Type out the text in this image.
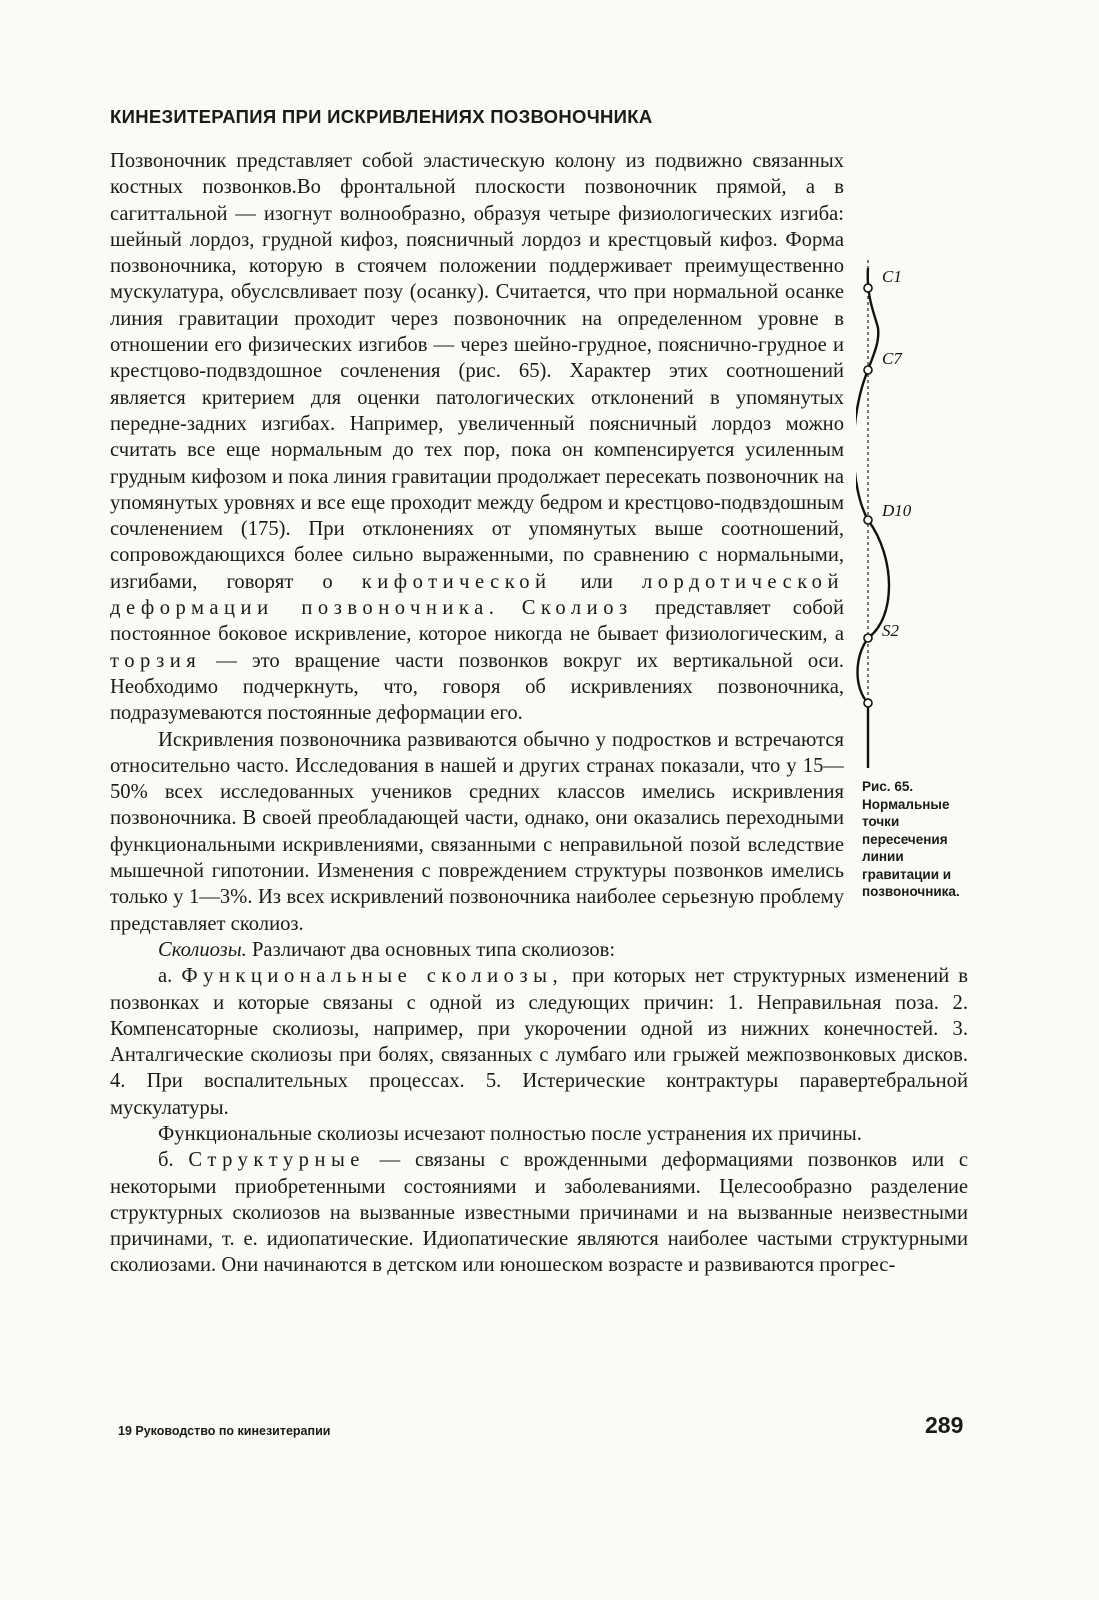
КИНЕЗИТЕРАПИЯ ПРИ ИСКРИВЛЕНИЯХ ПОЗВОНОЧНИКА
C1
C7
D10
S2
Рис. 65. Нормальные точки пересечения линии гравитации и позвоночника.

Позвоночник представляет собой эластическую колону из подвижно связанных костных позвонков.Во фронтальной плоскости позвоночник прямой, а в сагиттальной — изогнут волнообразно, образуя четыре физиологических изгиба: шейный лордоз, грудной кифоз, поясничный лордоз и крестцовый кифоз. Форма позвоночника, которую в стоячем положении поддерживает преимущественно мускулатура, обуслсвливает позу (осанку). Считается, что при нормальной осанке линия гравитации проходит через позвоночник на определенном уровне в отношении его физических изгибов — через шейно-грудное, пояснично-грудное и крестцово-подвздошное сочленения (рис. 65). Характер этих соотношений является критерием для оценки патологических отклонений в упомянутых передне-задних изгибах. Например, увеличенный поясничный лордоз можно считать все еще нормальным до тех пор, пока он компенсируется усиленным грудным кифозом и пока линия гравитации продолжает пересекать позвоночник на упомянутых уровнях и все еще проходит между бедром и крестцово-подвздошным сочленением (175). При отклонениях от упомянутых выше соотношений, сопровождающихся более сильно выраженными, по сравнению с нормальными, изгибами, говорят о кифотической или лордотической деформации позвоночника. Сколиоз представляет собой постоянное боковое искривление, которое никогда не бывает физиологическим, а торзия — это вращение части позвонков вокруг их вертикальной оси. Необходимо подчеркнуть, что, говоря об искривлениях позвоночника, подразумеваются постоянные деформации его.

Искривления позвоночника развиваются обычно у подростков и встречаются относительно часто. Исследования в нашей и других странах показали, что у 15—50% всех исследованных учеников средних классов имелись искривления позвоночника. В своей преобладающей части, однако, они оказались переходными функциональными искривлениями, связанными с неправильной позой вследствие мышечной гипотонии. Изменения с повреждением структуры позвонков имелись только у 1—3%. Из всех искривлений позвоночника наиболее серьезную проблему представляет сколиоз.

Сколиозы. Различают два основных типа сколиозов:

а. Функциональные сколиозы, при которых нет структурных изменений в позвонках и которые связаны с одной из следующих причин: 1. Неправильная поза. 2. Компенсаторные сколиозы, например, при укорочении одной из нижних конечностей. 3. Анталгические сколиозы при болях, связанных с лумбаго или грыжей межпозвонковых дисков. 4. При воспалительных процессах. 5. Истерические контрактуры паравертебральной мускулатуры.

Функциональные сколиозы исчезают полностью после устранения их причины.

б. Структурные — связаны с врожденными деформациями позвонков или с некоторыми приобретенными состояниями и заболеваниями. Целесообразно разделение структурных сколиозов на вызванные известными причинами и на вызванные неизвестными причинами, т. е. идиопатические. Идиопатические являются наиболее частыми структурными сколиозами. Они начинаются в детском или юношеском возрасте и развиваются прогрес-

19 Руководство по кинезитерапии	289
